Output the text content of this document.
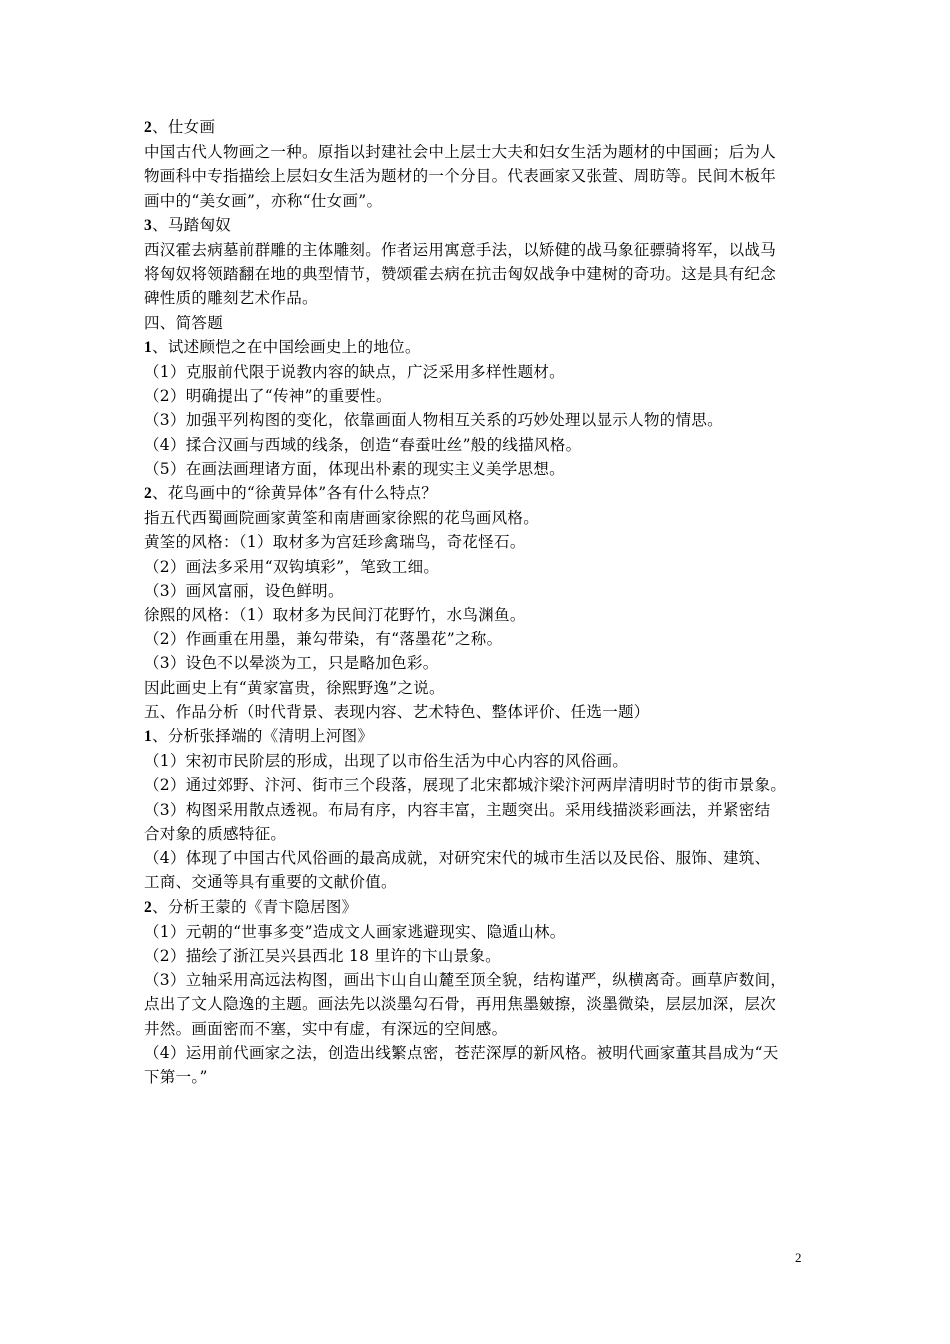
2、仕女画
中国古代人物画之一种。原指以封建社会中上层士大夫和妇女生活为题材的中国画；后为人
物画科中专指描绘上层妇女生活为题材的一个分目。代表画家又张萱、周昉等。民间木板年
画中的“美女画”，亦称“仕女画”。
3、马踏匈奴
西汉霍去病墓前群雕的主体雕刻。作者运用寓意手法，以矫健的战马象征骠骑将军，以战马
将匈奴将领踏翻在地的典型情节，赞颂霍去病在抗击匈奴战争中建树的奇功。这是具有纪念
碑性质的雕刻艺术作品。
四、简答题
1、试述顾恺之在中国绘画史上的地位。
（1）克服前代限于说教内容的缺点，广泛采用多样性题材。
（2）明确提出了“传神”的重要性。
（3）加强平列构图的变化，依靠画面人物相互关系的巧妙处理以显示人物的情思。
（4）揉合汉画与西域的线条，创造“春蚕吐丝”般的线描风格。
（5）在画法画理诸方面，体现出朴素的现实主义美学思想。
2、花鸟画中的“徐黄异体”各有什么特点？
指五代西蜀画院画家黄筌和南唐画家徐熙的花鸟画风格。
黄筌的风格：（1）取材多为宫廷珍禽瑞鸟，奇花怪石。
（2）画法多采用“双钩填彩”，笔致工细。
（3）画风富丽，设色鲜明。
徐熙的风格：（1）取材多为民间汀花野竹，水鸟渊鱼。
（2）作画重在用墨，兼勾带染，有“落墨花”之称。
（3）设色不以晕淡为工，只是略加色彩。
因此画史上有“黄家富贵，徐熙野逸”之说。
五、作品分析（时代背景、表现内容、艺术特色、整体评价、任选一题）
1、分析张择端的《清明上河图》
（1）宋初市民阶层的形成，出现了以市俗生活为中心内容的风俗画。
（2）通过郊野、汴河、街市三个段落，展现了北宋都城汴梁汴河两岸清明时节的街市景象。
（3）构图采用散点透视。布局有序，内容丰富，主题突出。采用线描淡彩画法，并紧密结
合对象的质感特征。
（4）体现了中国古代风俗画的最高成就，对研究宋代的城市生活以及民俗、服饰、建筑、
工商、交通等具有重要的文献价值。
2、分析王蒙的《青卞隐居图》
（1）元朝的“世事多变”造成文人画家逃避现实、隐遁山林。
（2）描绘了浙江吴兴县西北 18 里许的卞山景象。
（3）立轴采用高远法构图，画出卞山自山麓至顶全貌，结构谨严，纵横离奇。画草庐数间，
点出了文人隐逸的主题。画法先以淡墨勾石骨，再用焦墨皴擦，淡墨微染，层层加深，层次
井然。画面密而不塞，实中有虚，有深远的空间感。
（4）运用前代画家之法，创造出线繁点密，苍茫深厚的新风格。被明代画家董其昌成为“天
下第一。”
2
